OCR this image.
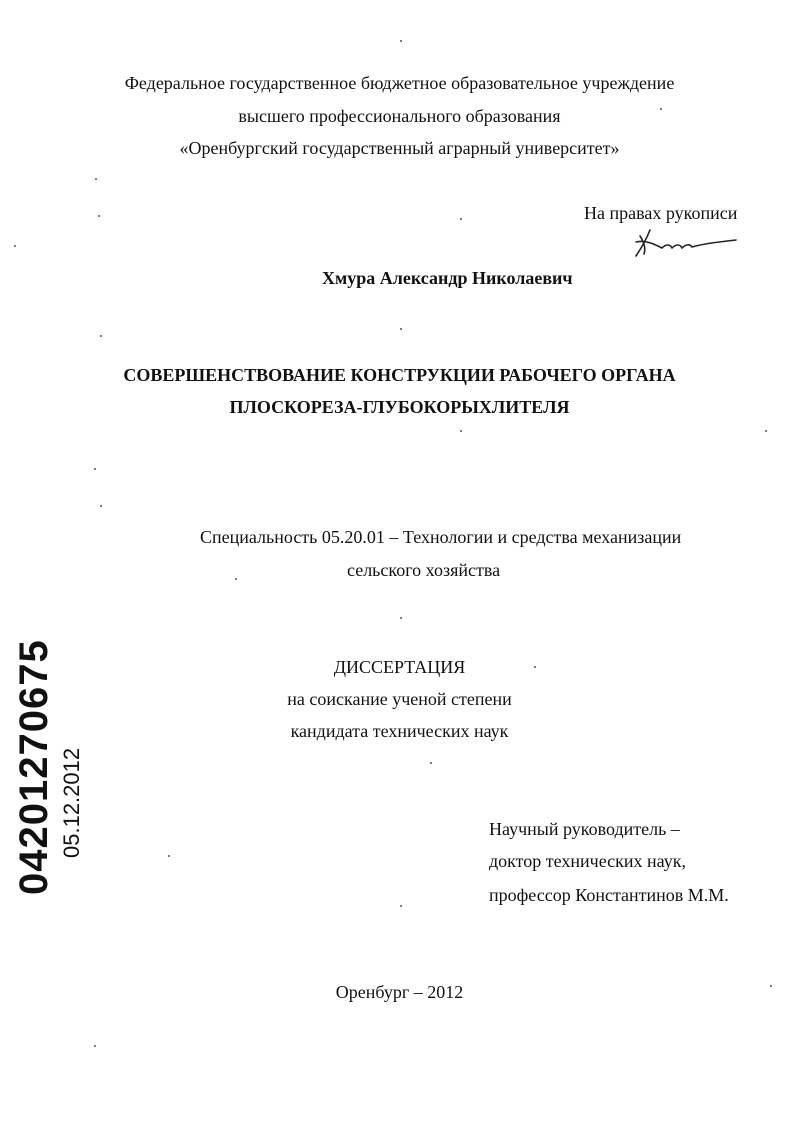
Федеральное государственное бюджетное образовательное учреждение
высшего профессионального образования
«Оренбургский государственный аграрный университет»
На правах рукописи
Хмура Александр Николаевич
СОВЕРШЕНСТВОВАНИЕ КОНСТРУКЦИИ РАБОЧЕГО ОРГАНА
ПЛОСКОРЕЗА-ГЛУБОКОРЫХЛИТЕЛЯ
Специальность 05.20.01 – Технологии и средства механизации
сельского хозяйства
ДИССЕРТАЦИЯ
на соискание ученой степени
кандидата технических наук
Научный руководитель –
доктор технических наук,
профессор Константинов М.М.
Оренбург – 2012
04201270675 05.12.2012
